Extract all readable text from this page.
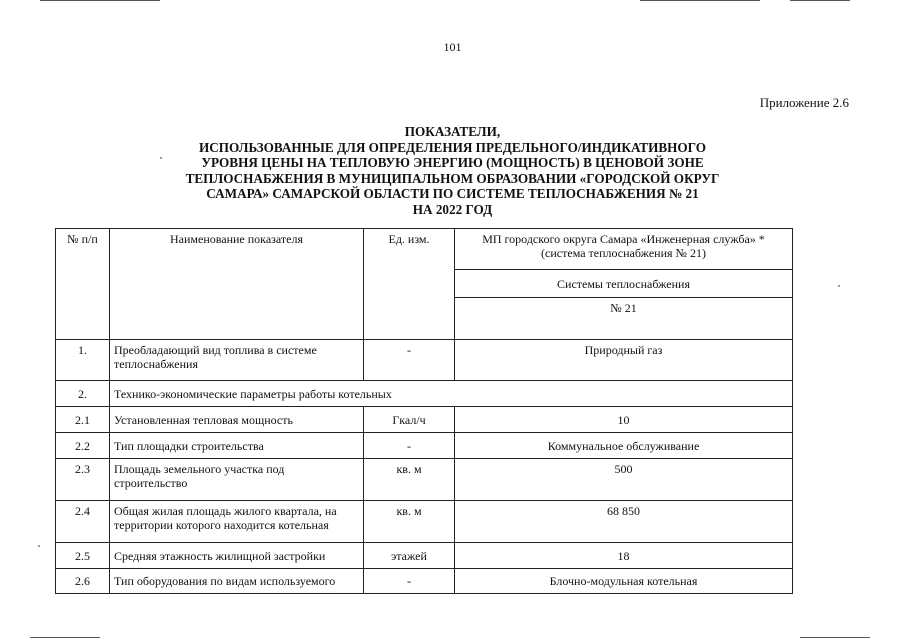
101
Приложение 2.6
ПОКАЗАТЕЛИ,
ИСПОЛЬЗОВАННЫЕ ДЛЯ ОПРЕДЕЛЕНИЯ ПРЕДЕЛЬНОГО/ИНДИКАТИВНОГО
УРОВНЯ ЦЕНЫ НА ТЕПЛОВУЮ ЭНЕРГИЮ (МОЩНОСТЬ) В ЦЕНОВОЙ ЗОНЕ
ТЕПЛОСНАБЖЕНИЯ В МУНИЦИПАЛЬНОМ ОБРАЗОВАНИИ «ГОРОДСКОЙ ОКРУГ
САМАРА» САМАРСКОЙ ОБЛАСТИ ПО СИСТЕМЕ ТЕПЛОСНАБЖЕНИЯ № 21
НА 2022 ГОД
№ п/п	Наименование показателя	Ед. изм.	МП городского округа Самара «Инженерная служба» * (система теплоснабжения № 21)
			Системы теплоснабжения
			№ 21
1.	Преобладающий вид топлива в системе теплоснабжения	-	Природный газ
2.	Технико-экономические параметры работы котельных		
2.1	Установленная тепловая мощность	Гкал/ч	10
2.2	Тип площадки строительства	-	Коммунальное обслуживание
2.3	Площадь земельного участка под строительство	кв. м	500
2.4	Общая жилая площадь жилого квартала, на территории которого находится котельная	кв. м	68 850
2.5	Средняя этажность жилищной застройки	этажей	18
2.6	Тип оборудования по видам используемого	-	Блочно-модульная котельная
